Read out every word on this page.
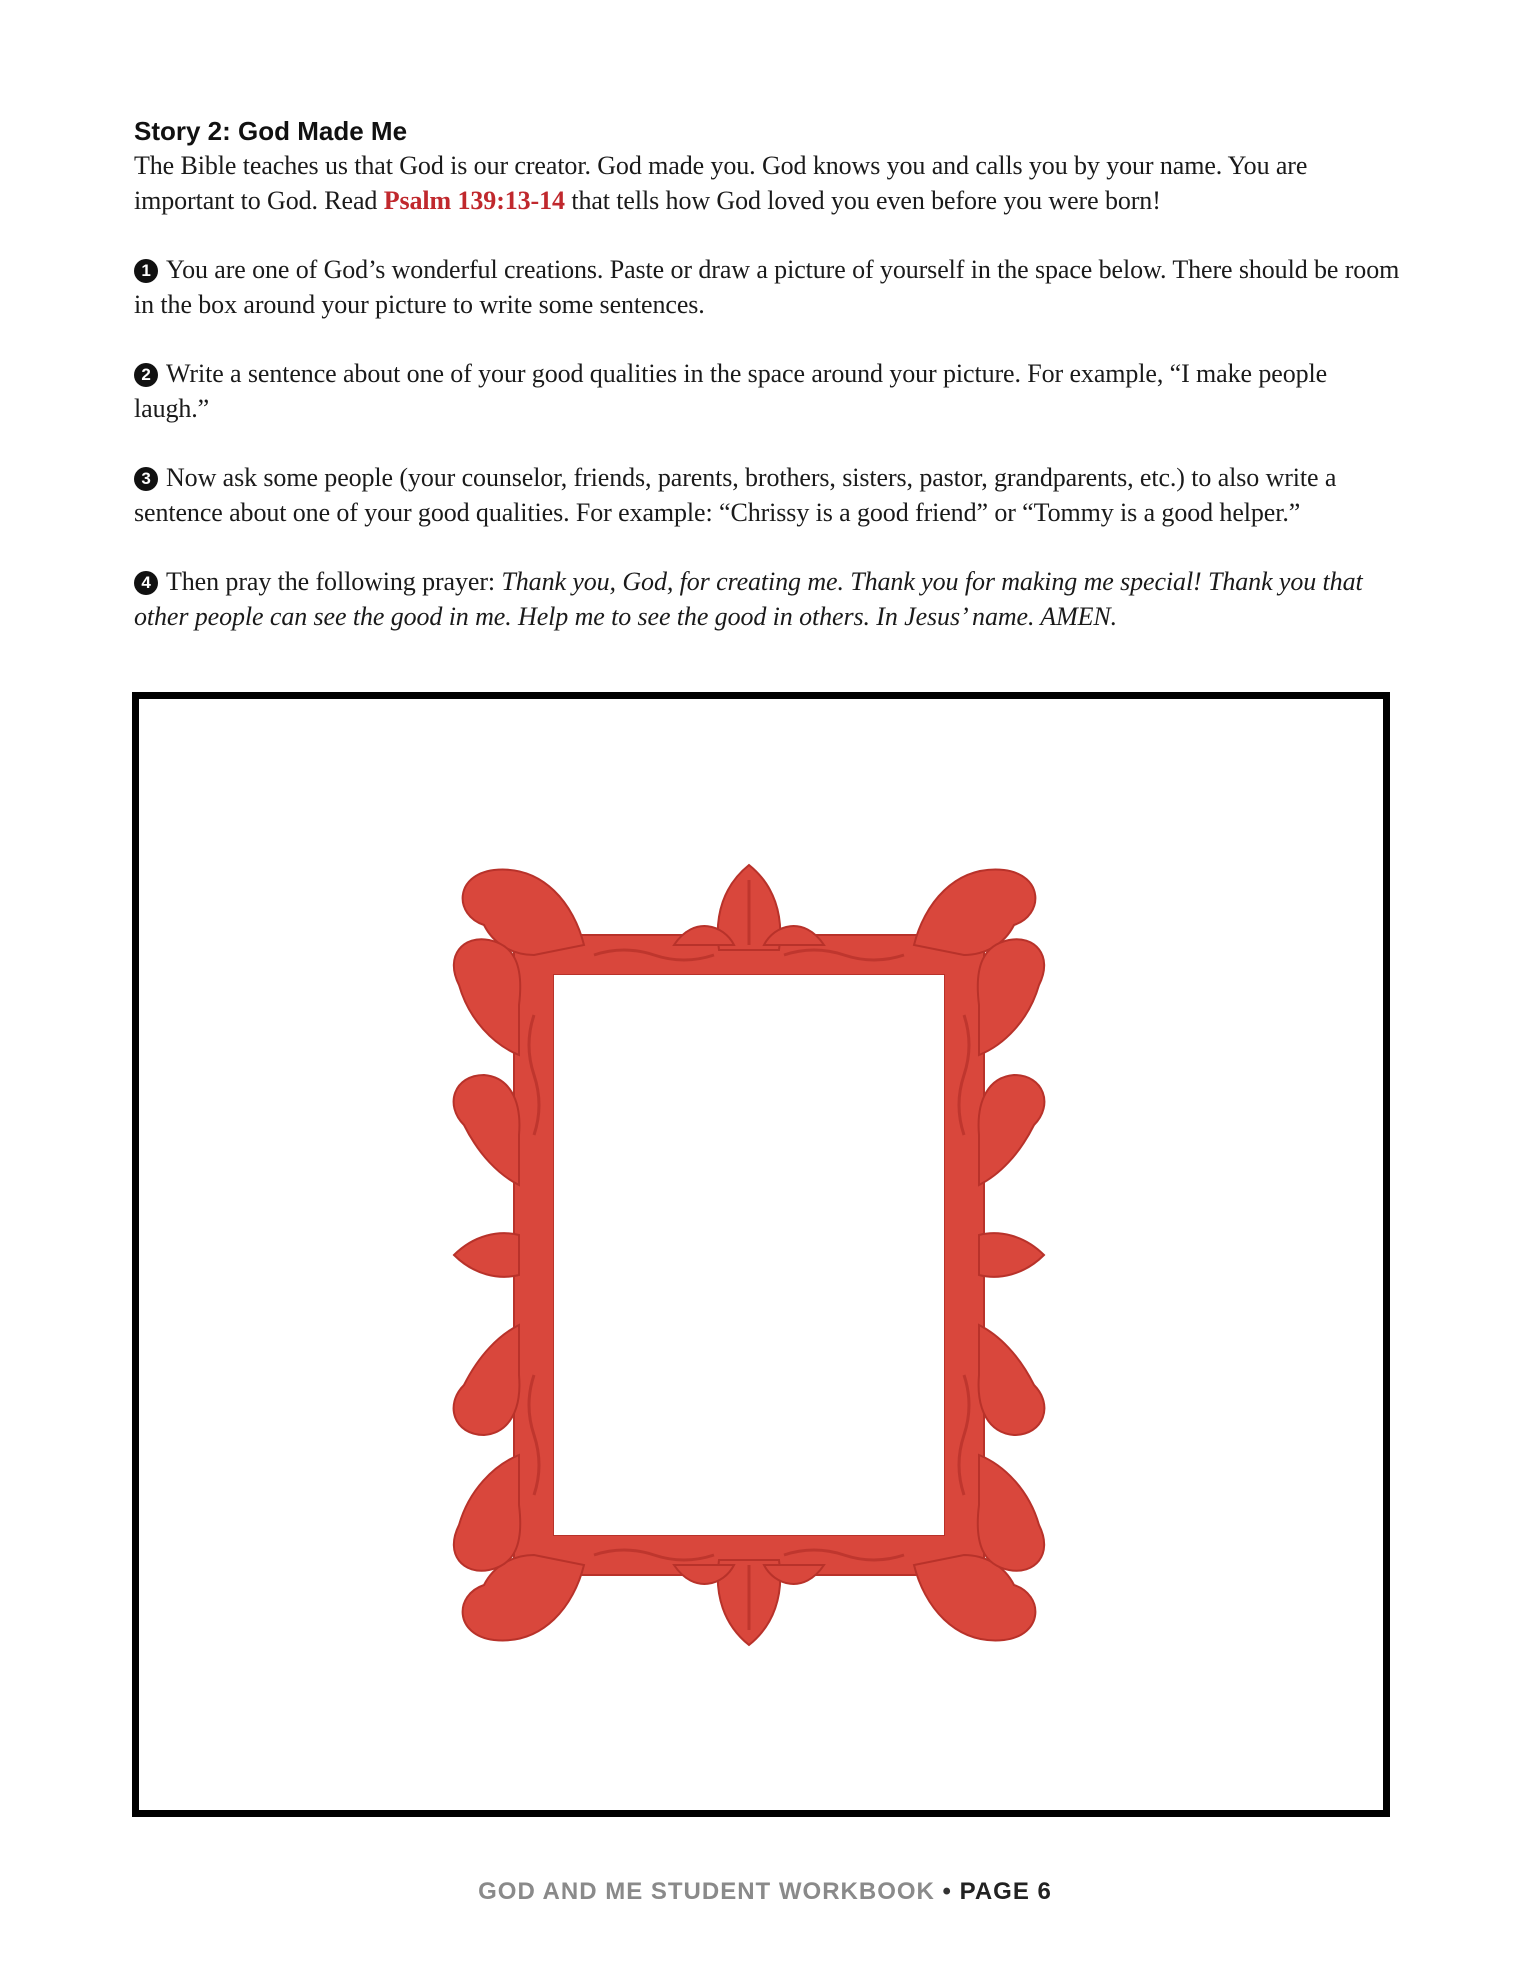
Story 2: God Made Me

The Bible teaches us that God is our creator. God made you. God knows you and calls you by your name. You are important to God. Read Psalm 139:13-14 that tells how God loved you even before you were born!

1 You are one of God’s wonderful creations. Paste or draw a picture of yourself in the space below. There should be room in the box around your picture to write some sentences.

2 Write a sentence about one of your good qualities in the space around your picture. For example, “I make people laugh.”

3 Now ask some people (your counselor, friends, parents, brothers, sisters, pastor, grandparents, etc.) to also write a sentence about one of your good qualities. For example: “Chrissy is a good friend” or “Tommy is a good helper.”

4 Then pray the following prayer: Thank you, God, for creating me. Thank you for making me special! Thank you that other people can see the good in me. Help me to see the good in others. In Jesus’ name. AMEN.

GOD AND ME STUDENT WORKBOOK • PAGE 6
